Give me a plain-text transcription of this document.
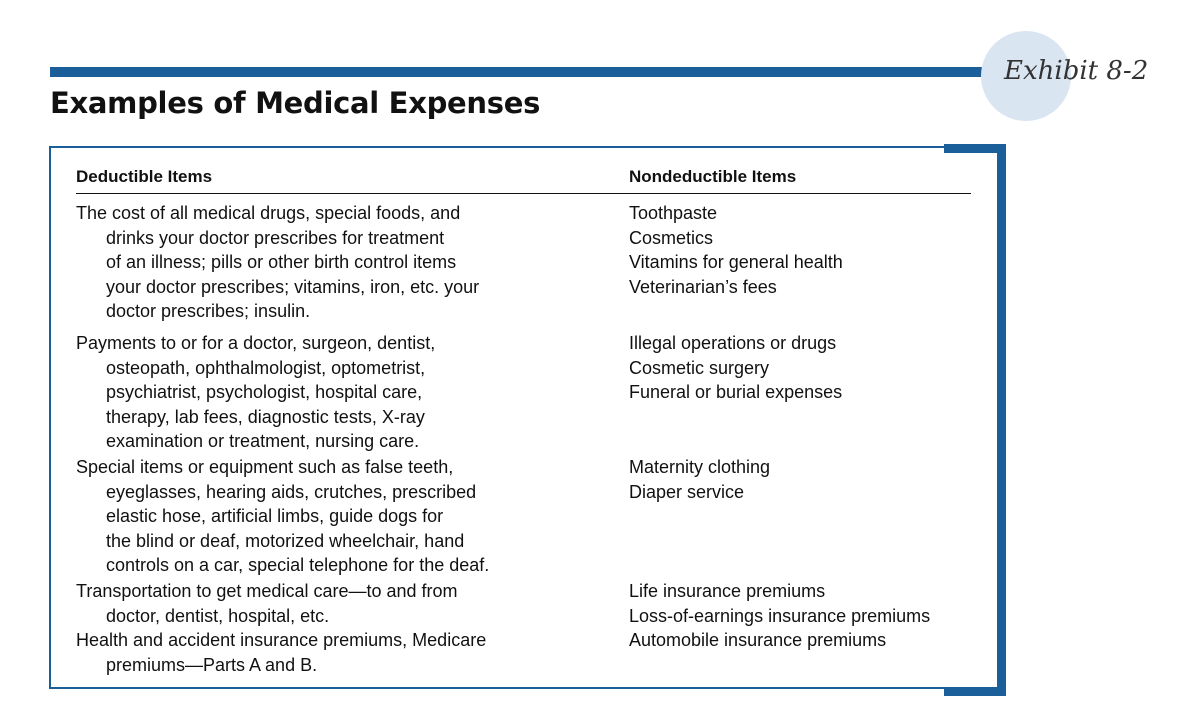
Exhibit 8-2
Examples of Medical Expenses
Deductible Items	Nondeductible Items
The cost of all medical drugs, special foods, and
drinks your doctor prescribes for treatment
of an illness; pills or other birth control items
your doctor prescribes; vitamins, iron, etc. your
doctor prescribes; insulin.
Toothpaste
Cosmetics
Vitamins for general health
Veterinarian’s fees
Payments to or for a doctor, surgeon, dentist,
osteopath, ophthalmologist, optometrist,
psychiatrist, psychologist, hospital care,
therapy, lab fees, diagnostic tests, X-ray
examination or treatment, nursing care.
Illegal operations or drugs
Cosmetic surgery
Funeral or burial expenses
Special items or equipment such as false teeth,
eyeglasses, hearing aids, crutches, prescribed
elastic hose, artificial limbs, guide dogs for
the blind or deaf, motorized wheelchair, hand
controls on a car, special telephone for the deaf.
Maternity clothing
Diaper service
Transportation to get medical care—to and from
doctor, dentist, hospital, etc.
Life insurance premiums
Loss-of-earnings insurance premiums
Health and accident insurance premiums, Medicare
premiums—Parts A and B.
Automobile insurance premiums
